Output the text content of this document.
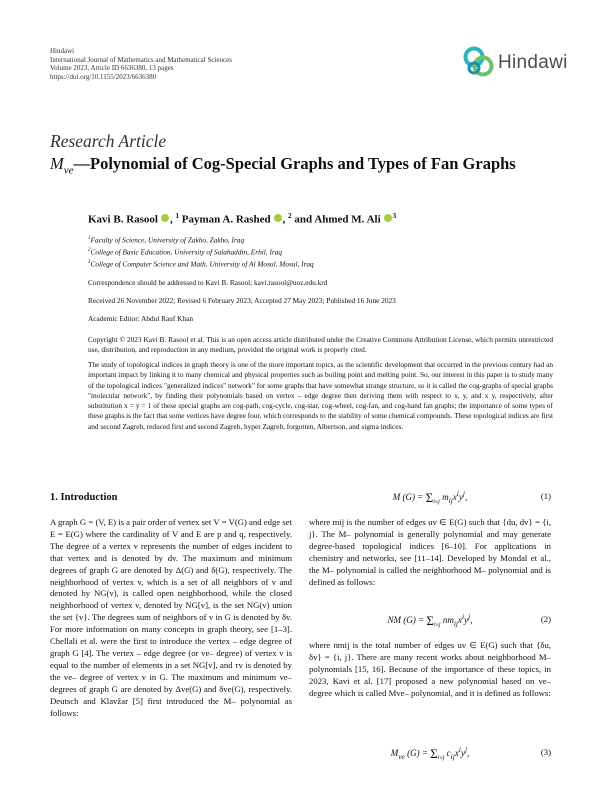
Hindawi
International Journal of Mathematics and Mathematical Sciences
Volume 2023, Article ID 6636380, 13 pages
https://doi.org/10.1155/2023/6636380
Hindawi
Research Article
$M_{ve}—Polynomial$ of Cog-Special Graphs and Types of Fan Graphs
Kavi B. Rasool , $^1$ Payman A. Rashed , $^2$ and Ahmed M. Ali $^3$
$^1$Faculty of Science, University of Zakho, Zakho, Iraq
$^2$College of Basic Education, University of Salahaddin, Erbil, Iraq
$^3$College of Computer Science and Math, University of Al Mosul, Mosul, Iraq
Correspondence should be addressed to Kavi B. Rasool; kavi.rasool@uoz.edu.krd
Received 26 November 2022; Revised 6 February 2023; Accepted 27 May 2023; Published 16 June 2023
Academic Editor: Abdul Rauf Khan
Copyright © 2023 Kavi B. Rasool et al. This is an open access article distributed under the Creative Commons Attribution License, which permits unrestricted use, distribution, and reproduction in any medium, provided the original work is properly cited.
The study of topological indices in graph theory is one of the more important topics, as the scientific development that occurred in the previous century had an important impact by linking it to many chemical and physical properties such as boiling point and melting point. So, our interest in this paper is to study many of the topological indices "generalized indices" network" for some graphs that have somewhat strange structure, so it is called the cog-graphs of special graphs "molecular network", by finding their polynomials based on vertex – edge degree then deriving them with respect to x, y, and x y, respectively, after substitution x = y = 1 of these special graphs are cog-path, cog-cycle, cog-star, cog-wheel, cog-fan, and cog-hand fan graphs; the importance of some types of these graphs is the fact that some vertices have degree four, which corresponds to the stability of some chemical compounds. These topological indices are first and second Zagreb, reduced first and second Zagreb, hyper Zagreb, forgotten, Albertson, and sigma indices.
1. Introduction
A graph G = (V, E) is a pair order of vertex set V = V(G) and edge set E = E(G) where the cardinality of V and E are p and q, respectively. The degree of a vertex v represents the number of edges incident to that vertex and is denoted by dv. The maximum and minimum degrees of graph G are denoted by Δ(G) and δ(G), respectively. The neighborhood of vertex v, which is a set of all neighbors of v and denoted by NG(v), is called open neighborhood, while the closed neighborhood of vertex v, denoted by NG[v], is the set NG(v) union the set {v}. The degrees sum of neighbors of v in G is denoted by δv. For more information on many concepts in graph theory, see [1–3]. Chellali et al. were the first to introduce the vertex – edge degree of graph G [4]. The vertex – edge degree (or ve– degree) of vertex v is equal to the number of elements in a set NG[v], and τv is denoted by the ve– degree of vertex v in G. The maximum and minimum ve– degrees of graph G are denoted by Δve(G) and δve(G), respectively. Deutsch and Klavžar [5] first introduced the M– polynomial as follows:
M $(G) = \Sigma_{i\le j}$ $m_{ij}x^iy^j$,	(1)
where mij is the number of edges uv ∈ E(G) such that {du, dv} = {i, j}. The M– polynomial is generally polynomial and may generate degree-based topological indices [6–10]. For applications in chemistry and networks, see [11–14]. Developed by Mondal et al., the M– polynomial is called the neighborhood M– polynomial and is defined as follows:
NM $(G) = \Sigma_{i\le j}$ $nm_{ij}x^iy^j$,	(2)
where nmij is the total number of edges uv ∈ E(G) such that {δu, δv} = {i, j}. There are many recent works about neighborhood M– polynomials [15, 16]. Because of the importance of these topics, in 2023, Kavi et al. [17] proposed a new polynomial based on ve– degree which is called Mve– polynomial, and it is defined as follows:
$M_{ve}$ $(G) = \Sigma_{i\le j}$ $c_{ij}x^iy^j$,	(3)
